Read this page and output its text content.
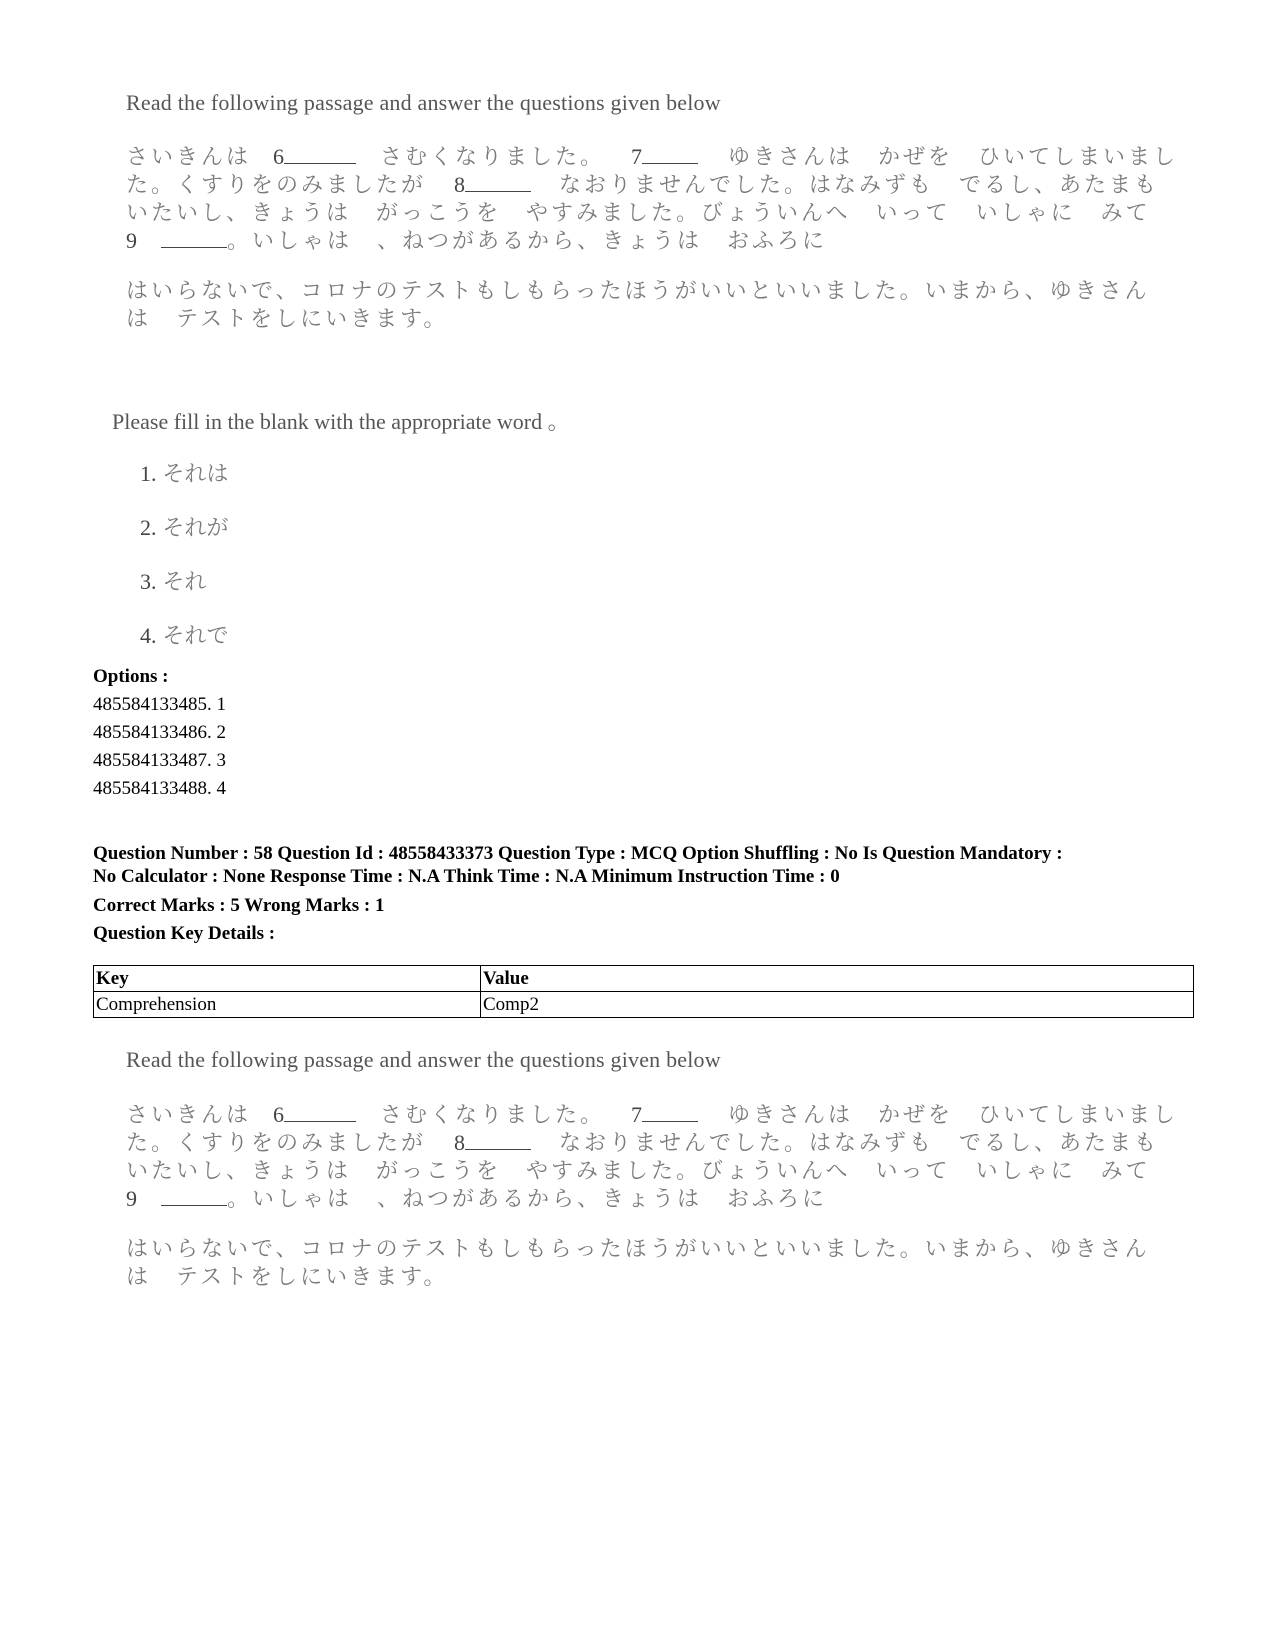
Read the following passage and answer the questions given below
さいきんは 6	さむくなりました。 7	ゆきさんは　かぜを　ひいてしまいまし
た。くすりをのみましたが 8	なおりませんでした。はなみずも　でるし、あたまも
いたいし、きょうは　がっこうを　やすみました。びょういんへ　いって　いしゃに　みて
9	。いしゃは　、ねつがあるから、きょうは　おふろに
はいらないで、コロナのテストもしもらったほうがいいといいました。いまから、ゆきさん
は　テストをしにいきます。
Please fill in the blank with the appropriate word 。
1. それは
2. それが
3. それ
4. それで
Options :
485584133485. 1
485584133486. 2
485584133487. 3
485584133488. 4
Question Number : 58 Question Id : 48558433373 Question Type : MCQ Option Shuffling : No Is Question Mandatory :
No Calculator : None Response Time : N.A Think Time : N.A Minimum Instruction Time : 0
Correct Marks : 5 Wrong Marks : 1
Question Key Details :
Key	Value
Comprehension	Comp2
Read the following passage and answer the questions given below
さいきんは 6	さむくなりました。 7	ゆきさんは　かぜを　ひいてしまいまし
た。くすりをのみましたが 8	なおりませんでした。はなみずも　でるし、あたまも
いたいし、きょうは　がっこうを　やすみました。びょういんへ　いって　いしゃに　みて
9	。いしゃは　、ねつがあるから、きょうは　おふろに
はいらないで、コロナのテストもしもらったほうがいいといいました。いまから、ゆきさん
は　テストをしにいきます。
